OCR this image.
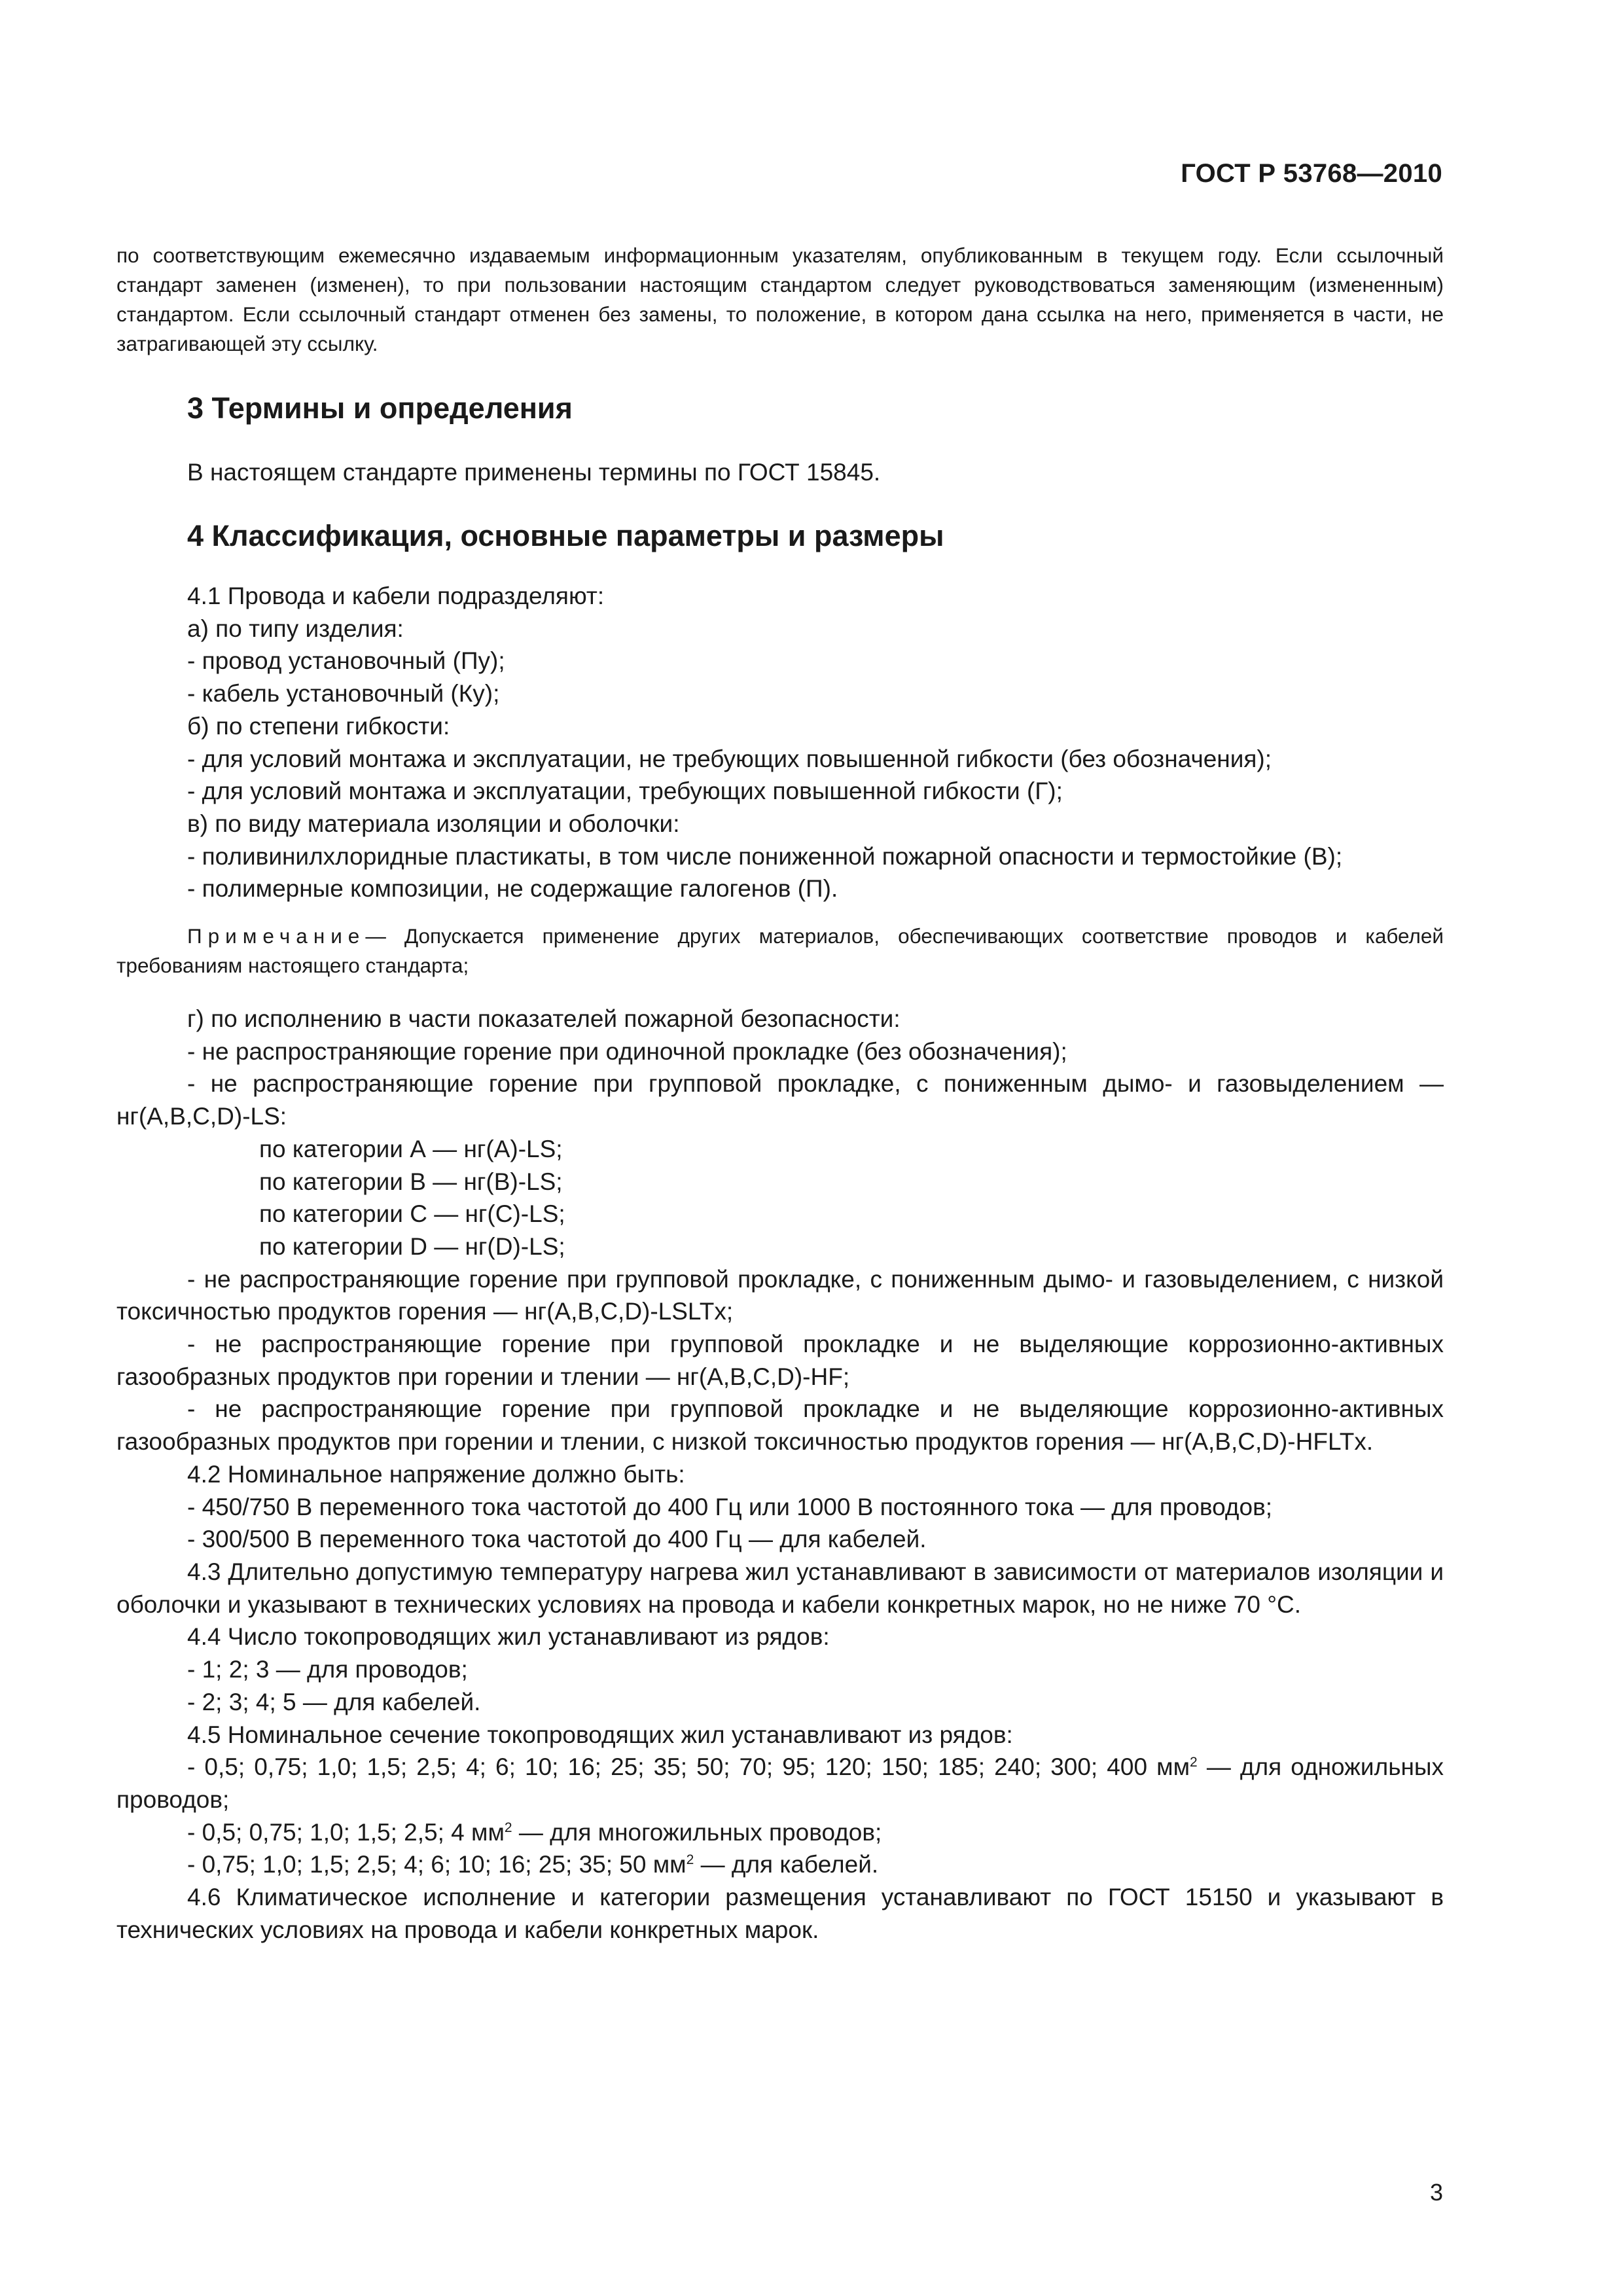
ГОСТ Р 53768—2010

по соответствующим ежемесячно издаваемым информационным указателям, опубликованным в текущем году. Если ссылочный стандарт заменен (изменен), то при пользовании настоящим стандартом следует руководствоваться заменяющим (измененным) стандартом. Если ссылочный стандарт отменен без замены, то положение, в котором дана ссылка на него, применяется в части, не затрагивающей эту ссылку.

3 Термины и определения
В настоящем стандарте применены термины по ГОСТ 15845.
4 Классификация, основные параметры и размеры

4.1 Провода и кабели подразделяют:

а) по типу изделия:

- провод установочный (Пу);

- кабель установочный (Ку);

б) по степени гибкости:

- для условий монтажа и эксплуатации, не требующих повышенной гибкости (без обозначения);

- для условий монтажа и эксплуатации, требующих повышенной гибкости (Г);

в) по виду материала изоляции и оболочки:

- поливинилхлоридные пластикаты, в том числе пониженной пожарной опасности и термостойкие (В);

- полимерные композиции, не содержащие галогенов (П).

Примечание— Допускается применение других материалов, обеспечивающих соответствие проводов и кабелей требованиям настоящего стандарта;

г) по исполнению в части показателей пожарной безопасности:

- не распространяющие горение при одиночной прокладке (без обозначения);

- не распространяющие горение при групповой прокладке, с пониженным дымо- и газовыделением — нг(A,B,C,D)-LS:

по категории А — нг(A)-LS;

по категории B — нг(B)-LS;

по категории C — нг(C)-LS;

по категории D — нг(D)-LS;

- не распространяющие горение при групповой прокладке, с пониженным дымо- и газовыделением, с низкой токсичностью продуктов горения — нг(A,B,C,D)-LSLTx;

- не распространяющие горение при групповой прокладке и не выделяющие коррозионно-активных газообразных продуктов при горении и тлении — нг(A,B,C,D)-HF;

- не распространяющие горение при групповой прокладке и не выделяющие коррозионно-активных газообразных продуктов при горении и тлении, с низкой токсичностью продуктов горения — нг(A,B,C,D)-HFLTx.

4.2 Номинальное напряжение должно быть:

- 450/750 В переменного тока частотой до 400 Гц или 1000 В постоянного тока — для проводов;

- 300/500 В переменного тока частотой до 400 Гц — для кабелей.

4.3 Длительно допустимую температуру нагрева жил устанавливают в зависимости от материалов изоляции и оболочки и указывают в технических условиях на провода и кабели конкретных марок, но не ниже 70 °С.

4.4 Число токопроводящих жил устанавливают из рядов:

- 1; 2; 3 — для проводов;

- 2; 3; 4; 5 — для кабелей.

4.5 Номинальное сечение токопроводящих жил устанавливают из рядов:

- 0,5; 0,75; 1,0; 1,5; 2,5; 4; 6; 10; 16; 25; 35; 50; 70; 95; 120; 150; 185; 240; 300; 400 $мм^2$ — для одножильных проводов;

- 0,5; 0,75; 1,0; 1,5; 2,5; 4 $мм^2$ — для многожильных проводов;

- 0,75; 1,0; 1,5; 2,5; 4; 6; 10; 16; 25; 35; 50 $мм^2$ — для кабелей.

4.6 Климатическое исполнение и категории размещения устанавливают по ГОСТ 15150 и указывают в технических условиях на провода и кабели конкретных марок.

3
